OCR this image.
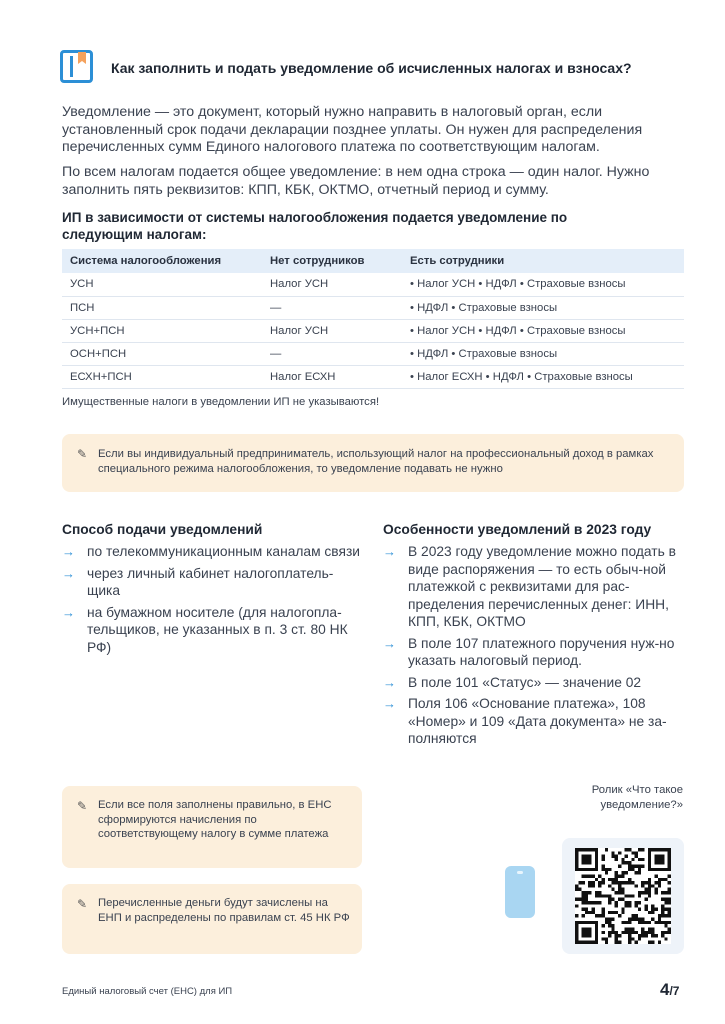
Как заполнить и подать уведомление об исчисленных налогах и взносах?
Уведомление — это документ, который нужно направить в налоговый орган, если установленный срок подачи декларации позднее уплаты. Он нужен для распределения перечисленных сумм Единого налогового платежа по соответствующим налогам.
По всем налогам подается общее уведомление: в нем одна строка — один налог. Нужно заполнить пять реквизитов: КПП, КБК, ОКТМО, отчетный период и сумму.
ИП в зависимости от системы налогообложения подается уведомление по следующим налогам:
Система налогообложения	Нет сотрудников	Есть сотрудники
УСН	Налог УСН	• Налог УСН • НДФЛ • Страховые взносы
ПСН	—	• НДФЛ • Страховые взносы
УСН+ПСН	Налог УСН	• Налог УСН • НДФЛ • Страховые взносы
ОСН+ПСН	—	• НДФЛ • Страховые взносы
ЕСХН+ПСН	Налог ЕСХН	• Налог ЕСХН • НДФЛ • Страховые взносы
Имущественные налоги в уведомлении ИП не указываются!
✎ Если вы индивидуальный предприниматель, использующий налог на профессиональный доход в рамках специального режима налогообложения, то уведомление подавать не нужно
Способ подачи уведомлений
→ по телекоммуникационным каналам связи
→ через личный кабинет налогоплатель-щика
→ на бумажном носителе (для налогопла-тельщиков, не указанных в п. 3 ст. 80 НК РФ)
Особенности уведомлений в 2023 году
→ В 2023 году уведомление можно подать в виде распоряжения — то есть обыч-ной платежкой с реквизитами для рас-пределения перечисленных денег: ИНН, КПП, КБК, ОКТМО
→ В поле 107 платежного поручения нуж-но указать налоговый период.
→ В поле 101 «Статус» — значение 02
→ Поля 106 «Основание платежа», 108 «Номер» и 109 «Дата документа» не за-полняются
✎ Если все поля заполнены правильно, в ЕНС сформируются начисления по соответствующему налогу в сумме платежа
✎ Перечисленные деньги будут зачислены на ЕНП и распределены по правилам ст. 45 НК РФ
Ролик «Что такое уведомление?»
Единый налоговый счет (ЕНС) для ИП	4/7
